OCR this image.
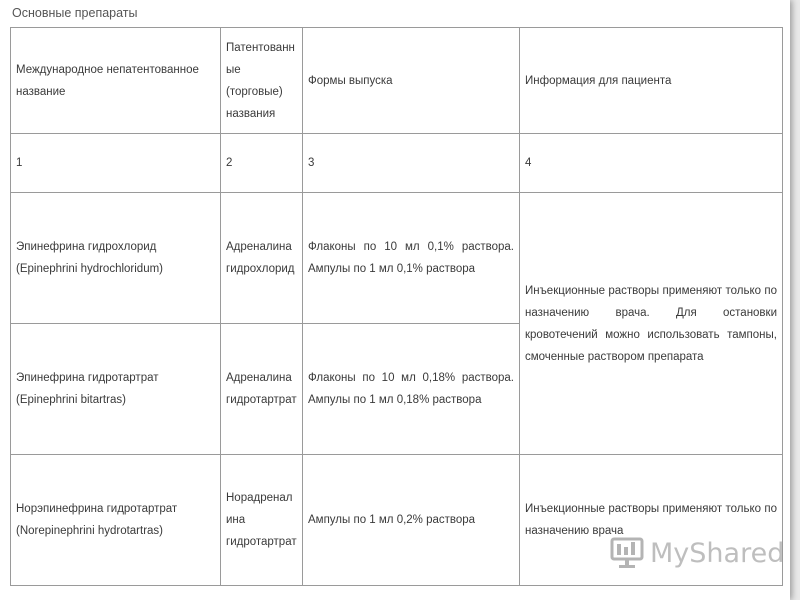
Основные препараты
Международное непатентованное название	Патентованные (торговые) названия	Формы выпуска	Информация для пациента
1	2	3	4
Эпинефрина гидрохлорид (Epinephrini hydrochloridum)	Адреналина гидрохлорид	Флаконы по 10 мл 0,1% раствора. Ампулы по 1 мл 0,1% раствора	Инъекционные растворы применяют только по назначению врача. Для остановки кровотечений можно использовать тампоны, смоченные раствором препарата
Эпинефрина гидротартрат (Epinephrini bitartras)	Адреналина гидротартрат	Флаконы по 10 мл 0,18% раствора. Ампулы по 1 мл 0,18% раствора	
Норэпинефрина гидротартрат (Norepinephrini hydrotartras)	Норадреналина гидротартрат	Ампулы по 1 мл 0,2% раствора	Инъекционные растворы применяют только по назначению врача
MyShared
